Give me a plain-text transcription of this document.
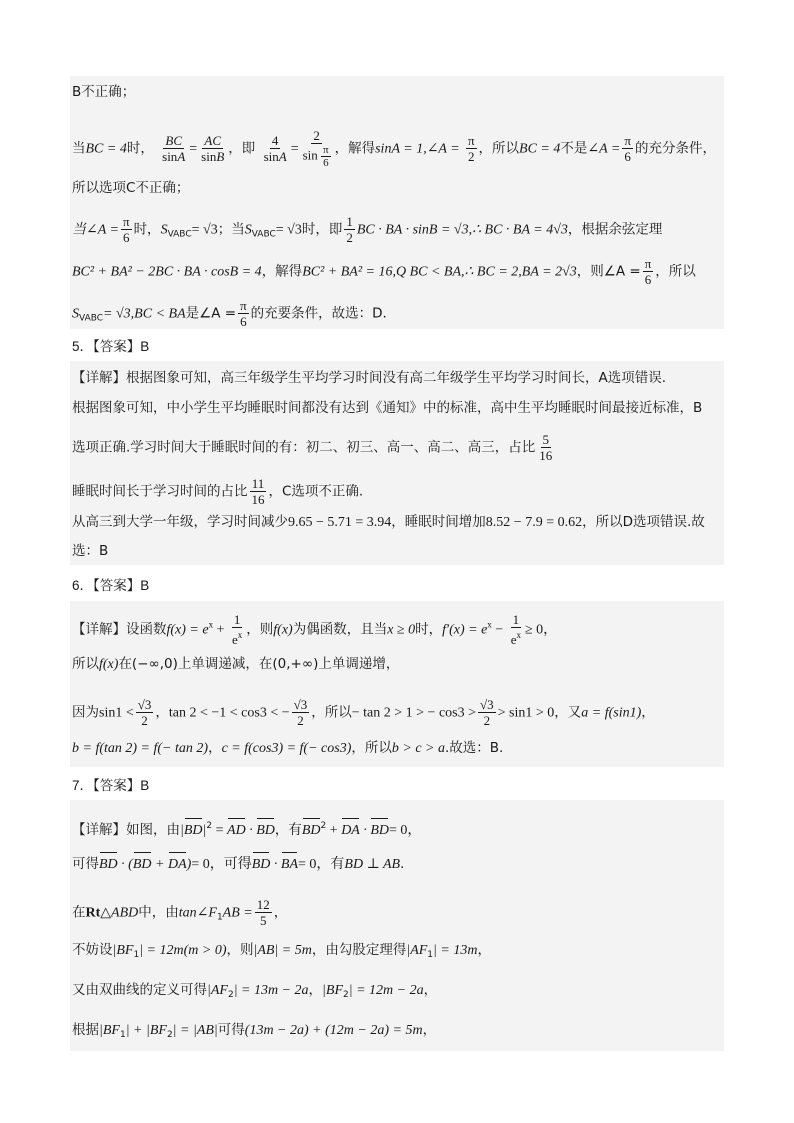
B不正确；
当BC = 4时， $\frac{BC}{\sin A} = \frac{AC}{\sin B}$ ，即 $\frac{4}{\sin A} = \frac{2}{\sin \frac{\pi}{6}}$ ，解得sinA = 1,∠A = $\frac{\pi}{2}$ ，所以BC = 4不是∠A = $\frac{\pi}{6}$ 的充分条件，
所以选项C不正确；
当∠A = $\frac{\pi}{6}$ 时，$S_{VABC}= √3$；当$S_{VABC}= √3$时，即 $\frac{1}{2}$ BC · BA · sinB = √3,∴ BC · BA = 4√3，根据余弦定理
BC² + BA² − 2BC · BA · cosB = 4，解得BC² + BA² = 16,Q BC < BA,∴ BC = 2,BA = 2√3，则∠A = $\frac{\pi}{6}$ ，所以
$S_{VABC}= √3,BC$ < BA是∠A = $\frac{\pi}{6}$ 的充要条件，故选：D.
5．【答案】B
【详解】根据图象可知，高三年级学生平均学习时间没有高二年级学生平均学习时间长，A选项错误.
根据图象可知，中小学生平均睡眠时间都没有达到《通知》中的标准，高中生平均睡眠时间最接近标准，B
选项正确.学习时间大于睡眠时间的有：初二、初三、高一、高二、高三，占比 $\frac{5}{16}$
睡眠时间长于学习时间的占比 $\frac{11}{16}$ ，C选项不正确.
从高三到大学一年级，学习时间减少9.65 − 5.71 = 3.94，睡眠时间增加8.52 − 7.9 = 0.62，所以D选项错误.故
选：B
6．【答案】B
【详解】设函数$f(x) = e^x + \frac{1}{e^x}$ ，则f(x)为偶函数，且当x ≥ 0时，$f'(x) = e^x - \frac{1}{e^x} \ge 0$，
所以f(x)在(−∞,0)上单调递减，在(0,+∞)上单调递增，
因为$\sin 1 < \frac{√3}{2}$ ，tan 2 < −1 < cos3 < − $\frac{√3}{2}$ ，所以− tan 2 > 1 > − $\cos 3 > \frac{√3}{2} > \sin 1 > 0$，又a = f(sin1)，
b = f(tan 2) = f(− tan 2)，c = f(cos3) = f(− cos3)，所以b > c > a.故选：B.
7．【答案】B
【详解】如图，由$|BD|^2$ = AD · BD，有$BD^2$ + DA · BD= 0，
可得BD · (BD + DA)= 0，可得BD · BA= 0，有BD ⊥ AB.
在Rt△ABD中，由$\tan\angle F_1AB = \frac{12}{5}$ ，
不妨设$|BF_1| = 12m(m > 0)$，则|AB| = 5m，由勾股定理得$|AF_1| = 13m$，
又由双曲线的定义可得$|AF_2| = 13m - 2a$，$|BF_2| = 12m - 2a$，
根据$|BF_1| + |BF_2| = |AB|$可得(13m − 2a) + (12m − 2a) = 5m，
